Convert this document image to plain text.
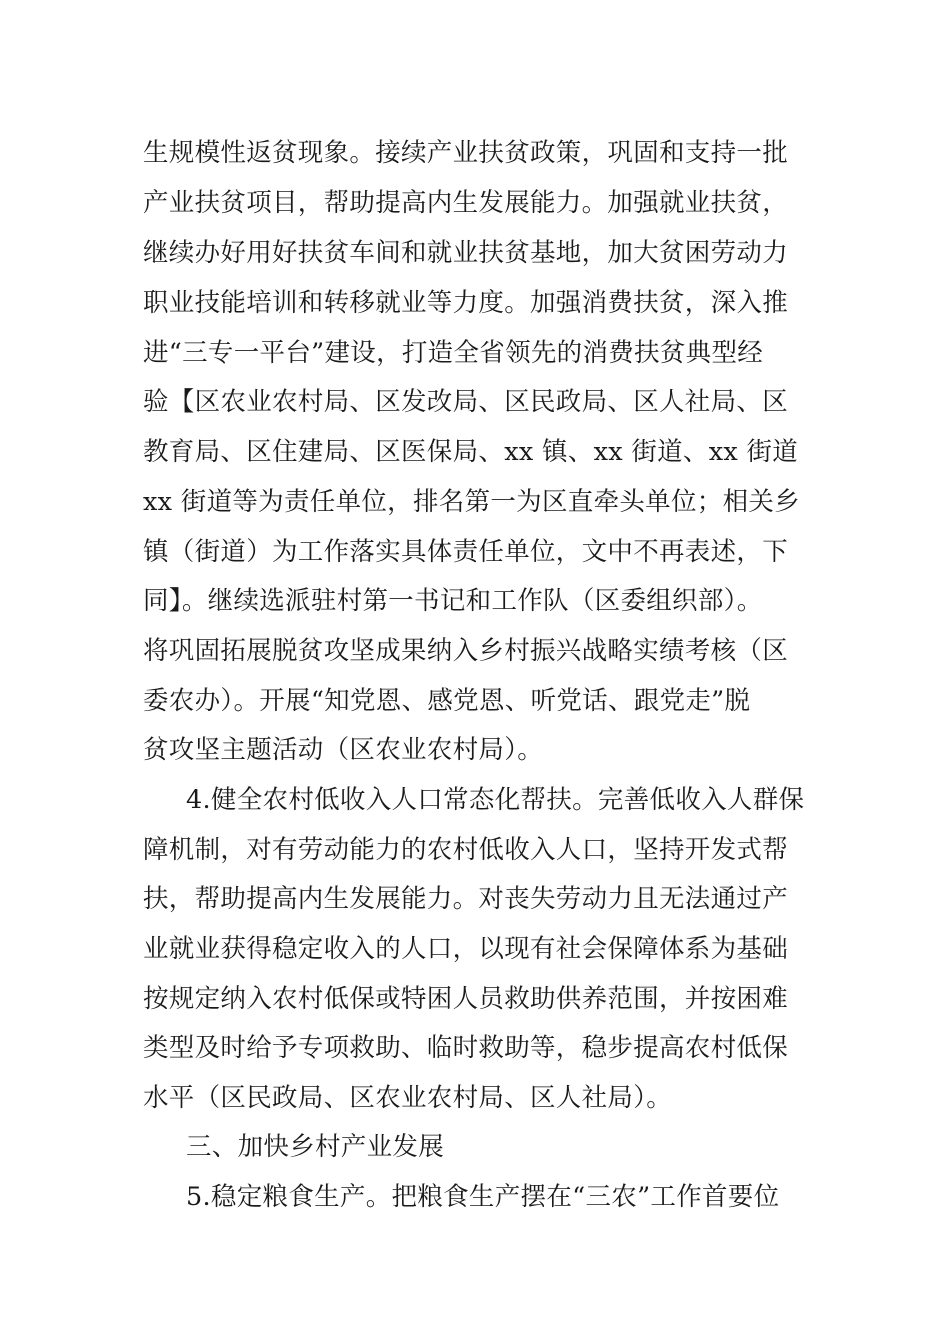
生规模性返贫现象。接续产业扶贫政策，巩固和支持一批
产业扶贫项目，帮助提高内生发展能力。加强就业扶贫，
继续办好用好扶贫车间和就业扶贫基地，加大贫困劳动力
职业技能培训和转移就业等力度。加强消费扶贫，深入推
进“三专一平台”建设，打造全省领先的消费扶贫典型经
验【区农业农村局、区发改局、区民政局、区人社局、区
教育局、区住建局、区医保局、xx 镇、xx 街道、xx 街道
xx 街道等为责任单位，排名第一为区直牵头单位；相关乡
镇（街道）为工作落实具体责任单位，文中不再表述，下
同】。继续选派驻村第一书记和工作队（区委组织部）。
将巩固拓展脱贫攻坚成果纳入乡村振兴战略实绩考核（区
委农办）。开展“知党恩、感党恩、听党话、跟党走”脱
贫攻坚主题活动（区农业农村局）。
4.健全农村低收入人口常态化帮扶。完善低收入人群保
障机制，对有劳动能力的农村低收入人口，坚持开发式帮
扶，帮助提高内生发展能力。对丧失劳动力且无法通过产
业就业获得稳定收入的人口，以现有社会保障体系为基础
按规定纳入农村低保或特困人员救助供养范围，并按困难
类型及时给予专项救助、临时救助等，稳步提高农村低保
水平（区民政局、区农业农村局、区人社局）。
三、加快乡村产业发展
5.稳定粮食生产。把粮食生产摆在“三农”工作首要位
